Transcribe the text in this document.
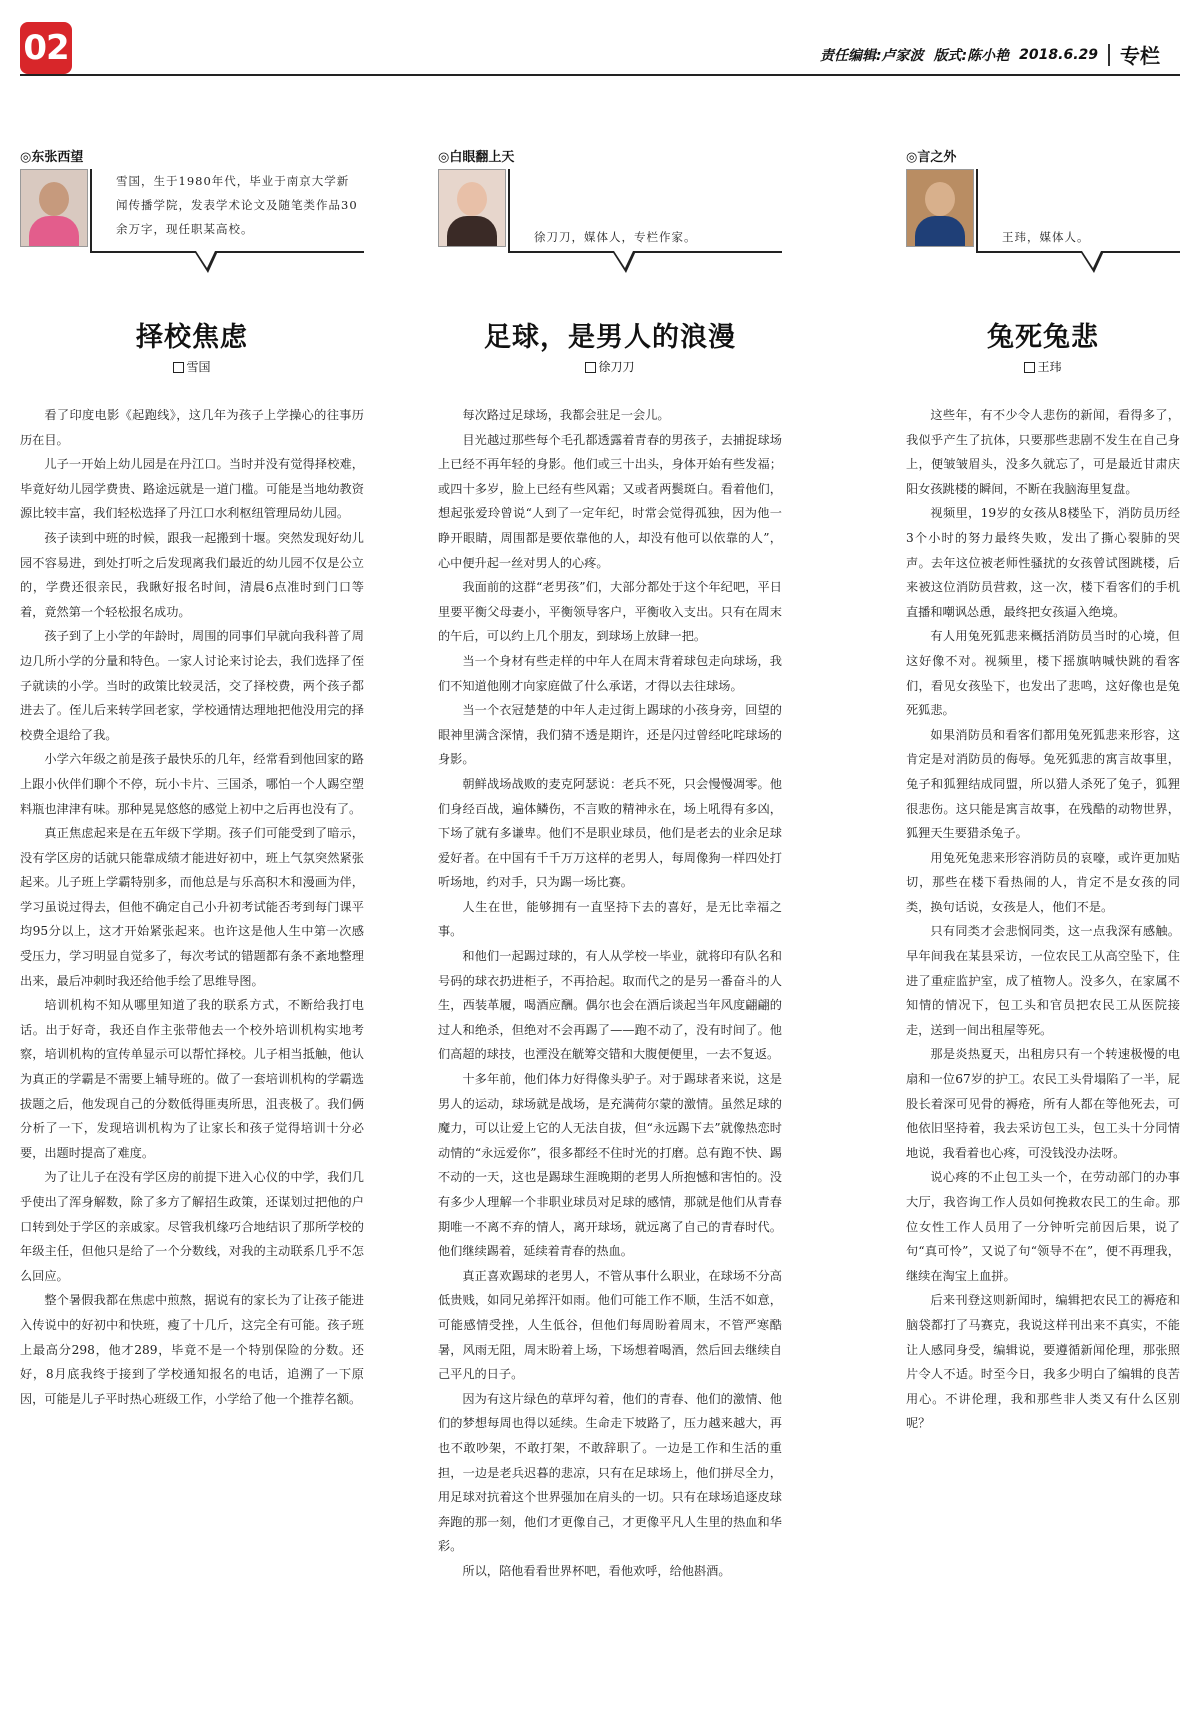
02	责任编辑:卢家波 版式:陈小艳 2018.6.29 专栏
◎东张西望
雪国，生于1980年代，毕业于南京大学新闻传播学院，发表学术论文及随笔类作品30余万字，现任职某高校。
择校焦虑
雪国

看了印度电影《起跑线》，这几年为孩子上学操心的往事历历在目。

儿子一开始上幼儿园是在丹江口。当时并没有觉得择校难，毕竟好幼儿园学费贵、路途远就是一道门槛。可能是当地幼教资源比较丰富，我们轻松选择了丹江口水利枢纽管理局幼儿园。

孩子读到中班的时候，跟我一起搬到十堰。突然发现好幼儿园不容易进，到处打听之后发现离我们最近的幼儿园不仅是公立的，学费还很亲民，我瞅好报名时间，清晨6点准时到门口等着，竟然第一个轻松报名成功。

孩子到了上小学的年龄时，周围的同事们早就向我科普了周边几所小学的分量和特色。一家人讨论来讨论去，我们选择了侄子就读的小学。当时的政策比较灵活，交了择校费，两个孩子都进去了。侄儿后来转学回老家，学校通情达理地把他没用完的择校费全退给了我。

小学六年级之前是孩子最快乐的几年，经常看到他回家的路上跟小伙伴们聊个不停，玩小卡片、三国杀，哪怕一个人踢空塑料瓶也津津有味。那种晃晃悠悠的感觉上初中之后再也没有了。

真正焦虑起来是在五年级下学期。孩子们可能受到了暗示，没有学区房的话就只能靠成绩才能进好初中，班上气氛突然紧张起来。儿子班上学霸特别多，而他总是与乐高积木和漫画为伴，学习虽说过得去，但他不确定自己小升初考试能否考到每门课平均95分以上，这才开始紧张起来。也许这是他人生中第一次感受压力，学习明显自觉多了，每次考试的错题都有条不紊地整理出来，最后冲刺时我还给他手绘了思维导图。

培训机构不知从哪里知道了我的联系方式，不断给我打电话。出于好奇，我还自作主张带他去一个校外培训机构实地考察，培训机构的宣传单显示可以帮忙择校。儿子相当抵触，他认为真正的学霸是不需要上辅导班的。做了一套培训机构的学霸选拔题之后，他发现自己的分数低得匪夷所思，沮丧极了。我们俩分析了一下，发现培训机构为了让家长和孩子觉得培训十分必要，出题时提高了难度。

为了让儿子在没有学区房的前提下进入心仪的中学，我们几乎使出了浑身解数，除了多方了解招生政策，还谋划过把他的户口转到处于学区的亲戚家。尽管我机缘巧合地结识了那所学校的年级主任，但他只是给了一个分数线，对我的主动联系几乎不怎么回应。

整个暑假我都在焦虑中煎熬，据说有的家长为了让孩子能进入传说中的好初中和快班，瘦了十几斤，这完全有可能。孩子班上最高分298，他才289，毕竟不是一个特别保险的分数。还好，8月底我终于接到了学校通知报名的电话，追溯了一下原因，可能是儿子平时热心班级工作，小学给了他一个推荐名额。

◎白眼翻上天
徐刀刀，媒体人，专栏作家。
足球，是男人的浪漫
徐刀刀

每次路过足球场，我都会驻足一会儿。

目光越过那些每个毛孔都透露着青春的男孩子，去捕捉球场上已经不再年轻的身影。他们或三十出头，身体开始有些发福；或四十多岁，脸上已经有些风霜；又或者两鬓斑白。看着他们，想起张爱玲曾说“人到了一定年纪，时常会觉得孤独，因为他一睁开眼睛，周围都是要依靠他的人，却没有他可以依靠的人”，心中便升起一丝对男人的心疼。

我面前的这群“老男孩”们，大部分都处于这个年纪吧，平日里要平衡父母妻小，平衡领导客户，平衡收入支出。只有在周末的午后，可以约上几个朋友，到球场上放肆一把。

当一个身材有些走样的中年人在周末背着球包走向球场，我们不知道他刚才向家庭做了什么承诺，才得以去往球场。

当一个衣冠楚楚的中年人走过街上踢球的小孩身旁，回望的眼神里满含深情，我们猜不透是期许，还是闪过曾经叱咤球场的身影。

朝鲜战场战败的麦克阿瑟说：老兵不死，只会慢慢凋零。他们身经百战，遍体鳞伤，不言败的精神永在，场上吼得有多凶，下场了就有多谦卑。他们不是职业球员，他们是老去的业余足球爱好者。在中国有千千万万这样的老男人，每周像狗一样四处打听场地，约对手，只为踢一场比赛。

人生在世，能够拥有一直坚持下去的喜好，是无比幸福之事。

和他们一起踢过球的，有人从学校一毕业，就将印有队名和号码的球衣扔进柜子，不再拾起。取而代之的是另一番奋斗的人生，西装革履，喝酒应酬。偶尔也会在酒后谈起当年风度翩翩的过人和绝杀，但绝对不会再踢了——跑不动了，没有时间了。他们高超的球技，也湮没在觥筹交错和大腹便便里，一去不复返。

十多年前，他们体力好得像头驴子。对于踢球者来说，这是男人的运动，球场就是战场，是充满荷尔蒙的激情。虽然足球的魔力，可以让爱上它的人无法自拔，但“永远踢下去”就像热恋时动情的“永远爱你”，很多都经不住时光的打磨。总有跑不快、踢不动的一天，这也是踢球生涯晚期的老男人所抱憾和害怕的。没有多少人理解一个非职业球员对足球的感情，那就是他们从青春期唯一不离不弃的情人，离开球场，就远离了自己的青春时代。他们继续踢着，延续着青春的热血。

真正喜欢踢球的老男人，不管从事什么职业，在球场不分高低贵贱，如同兄弟挥汗如雨。他们可能工作不顺，生活不如意，可能感情受挫，人生低谷，但他们每周盼着周末，不管严寒酷暑，风雨无阻，周末盼着上场，下场想着喝酒，然后回去继续自己平凡的日子。

因为有这片绿色的草坪勾着，他们的青春、他们的激情、他们的梦想每周也得以延续。生命走下坡路了，压力越来越大，再也不敢吵架，不敢打架，不敢辞职了。一边是工作和生活的重担，一边是老兵迟暮的悲凉，只有在足球场上，他们拼尽全力，用足球对抗着这个世界强加在肩头的一切。只有在球场追逐皮球奔跑的那一刻，他们才更像自己，才更像平凡人生里的热血和华彩。

所以，陪他看看世界杯吧，看他欢呼，给他斟酒。

◎言之外
王玮，媒体人。
兔死兔悲
王玮

这些年，有不少令人悲伤的新闻，看得多了，我似乎产生了抗体，只要那些悲剧不发生在自己身上，便皱皱眉头，没多久就忘了，可是最近甘肃庆阳女孩跳楼的瞬间，不断在我脑海里复盘。

视频里，19岁的女孩从8楼坠下，消防员历经3个小时的努力最终失败，发出了撕心裂肺的哭声。去年这位被老师性骚扰的女孩曾试图跳楼，后来被这位消防员营救，这一次，楼下看客们的手机直播和嘲讽怂恿，最终把女孩逼入绝境。

有人用兔死狐悲来概括消防员当时的心境，但这好像不对。视频里，楼下摇旗呐喊快跳的看客们，看见女孩坠下，也发出了悲鸣，这好像也是兔死狐悲。

如果消防员和看客们都用兔死狐悲来形容，这肯定是对消防员的侮辱。兔死狐悲的寓言故事里，兔子和狐狸结成同盟，所以猎人杀死了兔子，狐狸很悲伤。这只能是寓言故事，在残酷的动物世界，狐狸天生要猎杀兔子。

用兔死兔悲来形容消防员的哀嚎，或许更加贴切，那些在楼下看热闹的人，肯定不是女孩的同类，换句话说，女孩是人，他们不是。

只有同类才会悲悯同类，这一点我深有感触。早年间我在某县采访，一位农民工从高空坠下，住进了重症监护室，成了植物人。没多久，在家属不知情的情况下，包工头和官员把农民工从医院接走，送到一间出租屋等死。

那是炎热夏天，出租房只有一个转速极慢的电扇和一位67岁的护工。农民工头骨塌陷了一半，屁股长着深可见骨的褥疮，所有人都在等他死去，可他依旧坚持着，我去采访包工头，包工头十分同情地说，我看着也心疼，可没钱没办法呀。

说心疼的不止包工头一个，在劳动部门的办事大厅，我咨询工作人员如何挽救农民工的生命。那位女性工作人员用了一分钟听完前因后果，说了句“真可怜”，又说了句“领导不在”，便不再理我，继续在淘宝上血拼。

后来刊登这则新闻时，编辑把农民工的褥疮和脑袋都打了马赛克，我说这样刊出来不真实，不能让人感同身受，编辑说，要遵循新闻伦理，那张照片令人不适。时至今日，我多少明白了编辑的良苦用心。不讲伦理，我和那些非人类又有什么区别呢？
